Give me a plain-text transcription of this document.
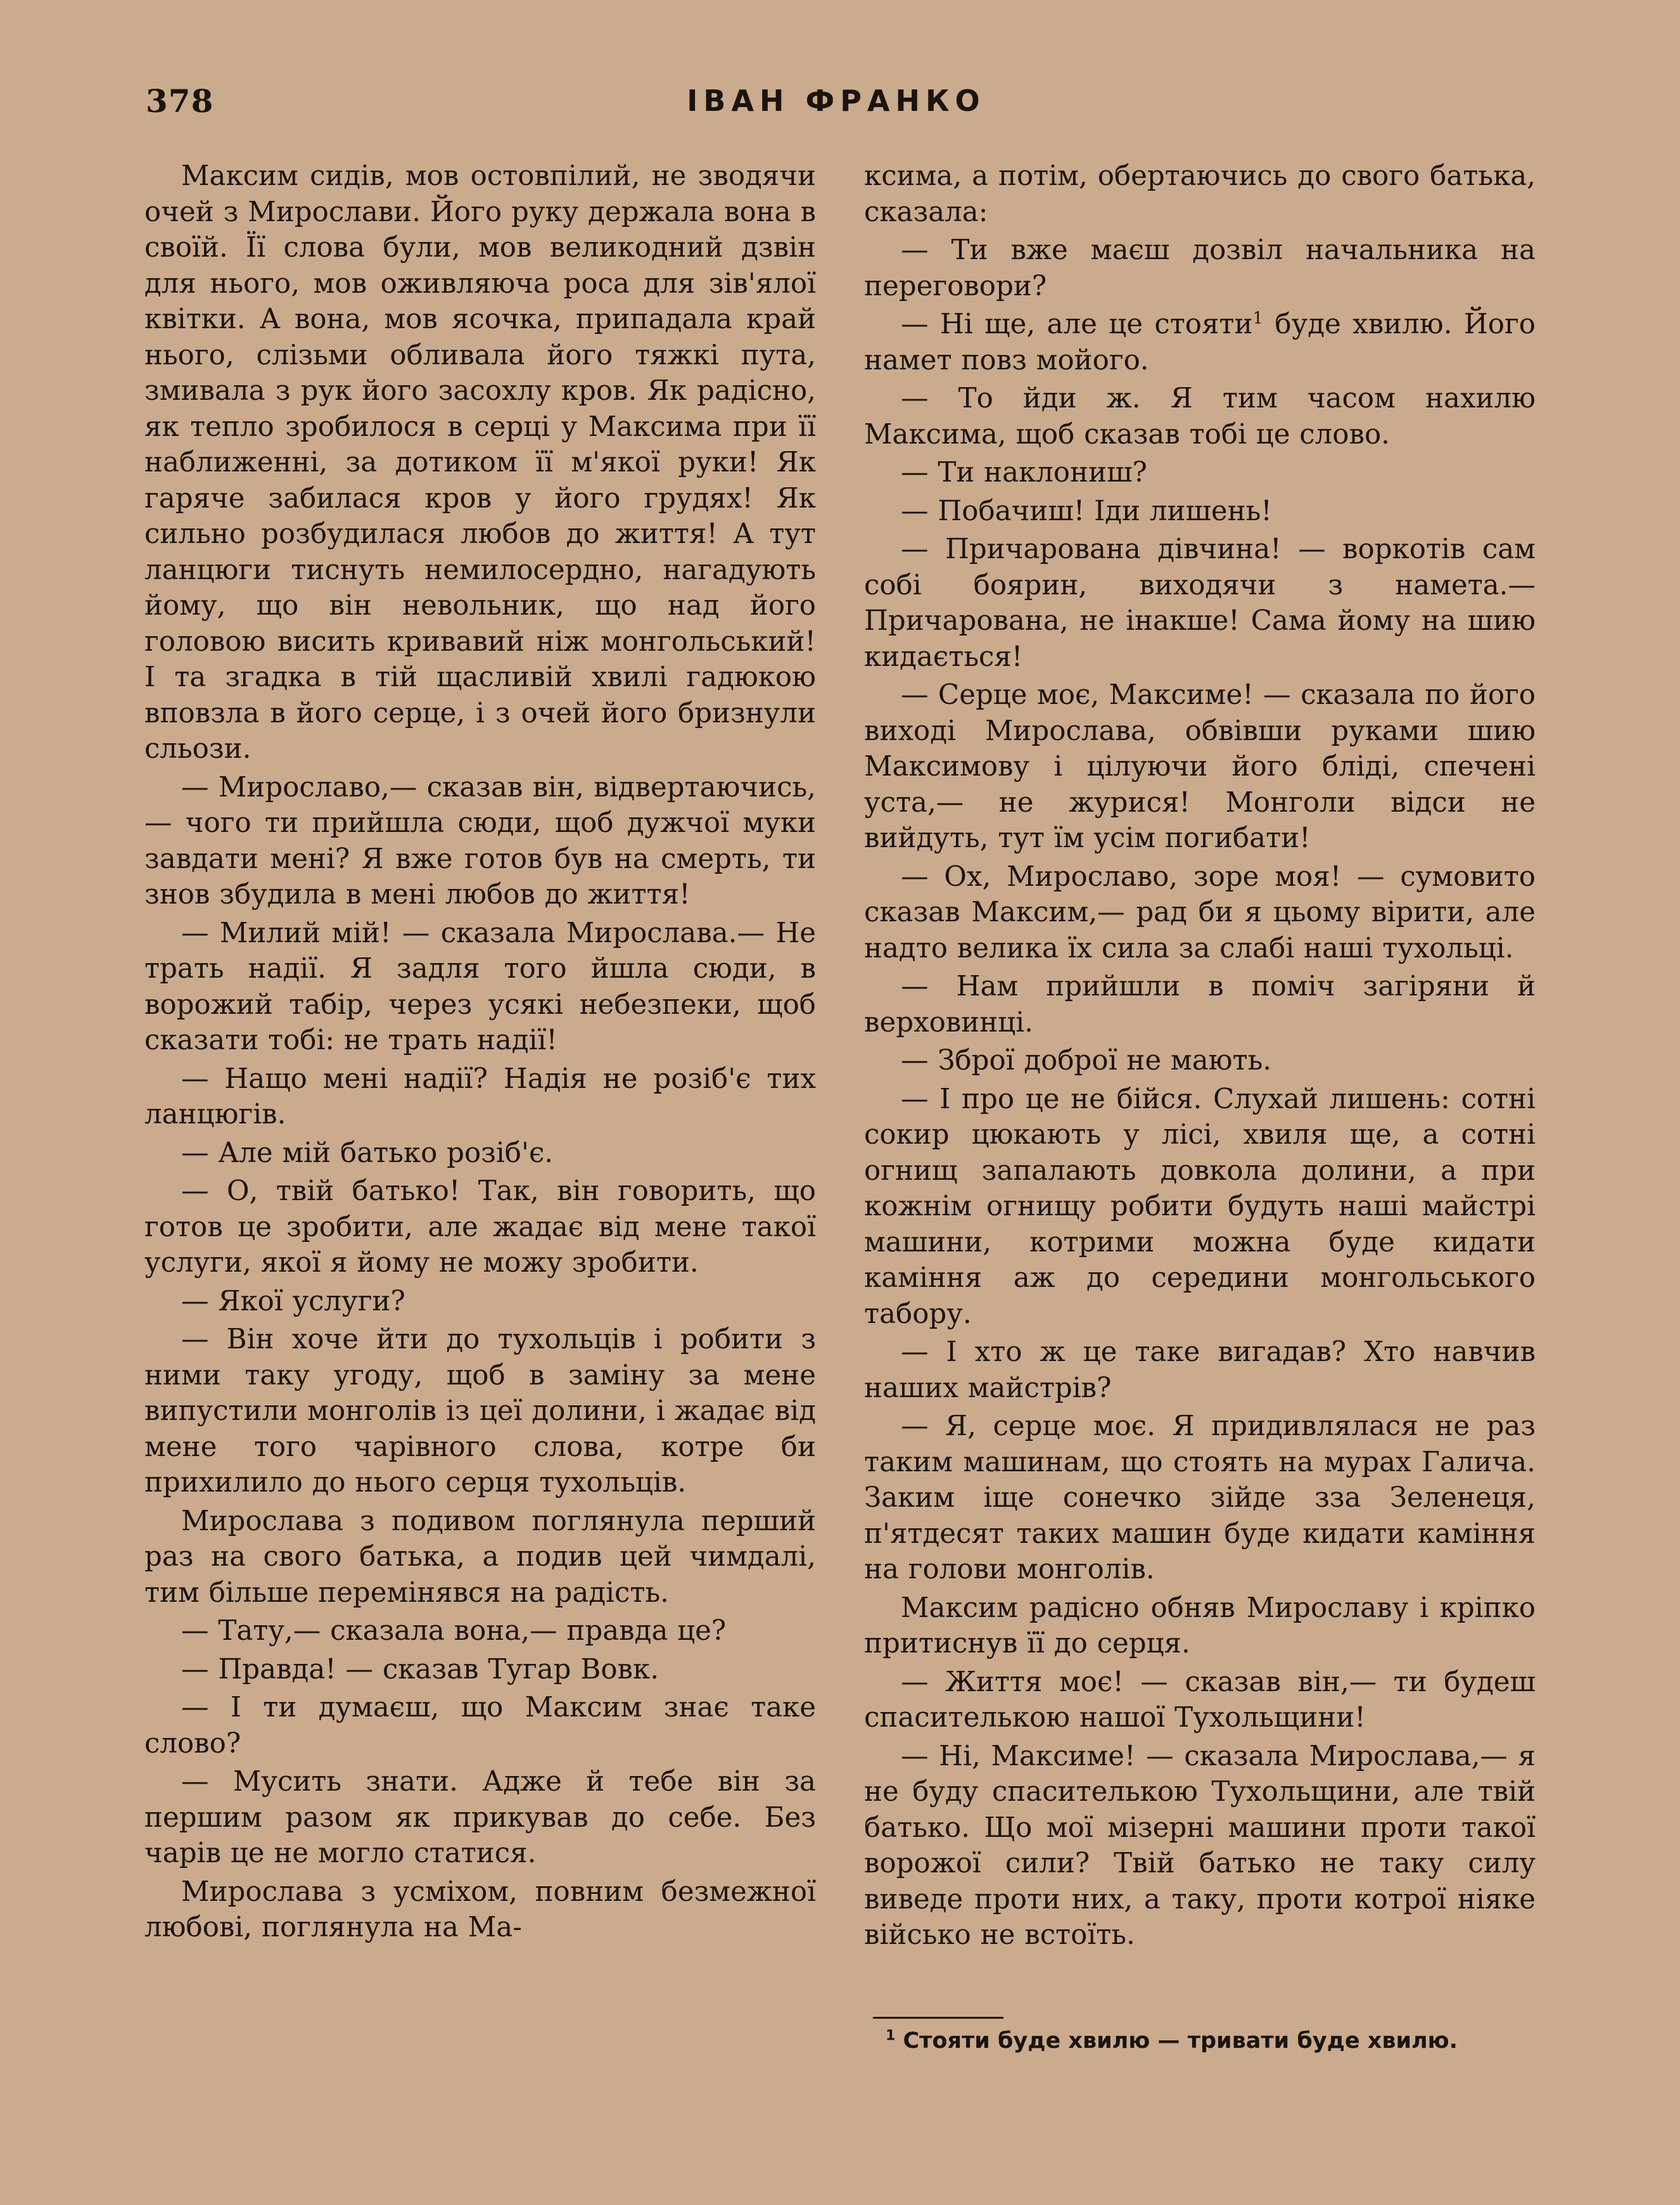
378	ІВАН ФРАНКО

Максим сидів, мов остовпілий, не зводячи очей з Мирослави. Його руку держала вона в своїй. Її слова були, мов великодний дзвін для нього, мов оживляюча роса для зів'ялої квітки. А вона, мов ясочка, припадала край нього, слізьми обливала його тяжкі пута, змивала з рук його засохлу кров. Як радісно, як тепло зробилося в серці у Максима при її наближенні, за дотиком її м'якої руки! Як гаряче забилася кров у його грудях! Як сильно розбудилася любов до життя! А тут ланцюги тиснуть немилосердно, нагадують йому, що він невольник, що над його головою висить кривавий ніж монгольський! І та згадка в тій щасливій хвилі гадюкою вповзла в його серце, і з очей його бризнули сльози.

— Мирославо,— сказав він, відвертаючись,— чого ти прийшла сюди, щоб дужчої муки завдати мені? Я вже готов був на смерть, ти знов збудила в мені любов до життя!

— Милий мій! — сказала Мирослава.— Не трать надії. Я задля того йшла сюди, в ворожий табір, через усякі небезпеки, щоб сказати тобі: не трать надії!

— Нащо мені надії? Надія не розіб'є тих ланцюгів.

— Але мій батько розіб'є.

— О, твій батько! Так, він говорить, що готов це зробити, але жадає від мене такої услуги, якої я йому не можу зробити.

— Якої услуги?

— Він хоче йти до тухольців і робити з ними таку угоду, щоб в заміну за мене випустили монголів із цеї долини, і жадає від мене того чарівного слова, котре би прихилило до нього серця тухольців.

Мирослава з подивом поглянула перший раз на свого батька, а подив цей чимдалі, тим більше перемінявся на радість.

— Тату,— сказала вона,— правда це?

— Правда! — сказав Тугар Вовк.

— І ти думаєш, що Максим знає таке слово?

— Мусить знати. Адже й тебе він за першим разом як прикував до себе. Без чарів це не могло статися.

Мирослава з усміхом, повним безмежної любові, поглянула на Ма-

ксима, а потім, обертаючись до свого батька, сказала:

— Ти вже маєш дозвіл начальника на переговори?

— Ні ще, але це стояти$^1$ буде хвилю. Його намет повз мойого.

— То йди ж. Я тим часом нахилю Максима, щоб сказав тобі це слово.

— Ти наклониш?

— Побачиш! Іди лишень!

— Причарована дівчина! — воркотів сам собі боярин, виходячи з намета.— Причарована, не інакше! Сама йому на шию кидається!

— Серце моє, Максиме! — сказала по його виході Мирослава, обвівши руками шию Максимову і цілуючи його бліді, спечені уста,— не журися! Монголи відси не вийдуть, тут їм усім погибати!

— Ох, Мирославо, зоре моя! — сумовито сказав Максим,— рад би я цьому вірити, але надто велика їх сила за слабі наші тухольці.

— Нам прийшли в поміч загіряни й верховинці.

— Зброї доброї не мають.

— І про це не бійся. Слухай лишень: сотні сокир цюкають у лісі, хвиля ще, а сотні огнищ запалають довкола долини, а при кожнім огнищу робити будуть наші майстрі машини, котрими можна буде кидати каміння аж до середини монгольського табору.

— І хто ж це таке вигадав? Хто навчив наших майстрів?

— Я, серце моє. Я придивлялася не раз таким машинам, що стоять на мурах Галича. Заким іще сонечко зійде зза Зеленеця, п'ятдесят таких машин буде кидати каміння на голови монголів.

Максим радісно обняв Мирославу і кріпко притиснув її до серця.

— Життя моє! — сказав він,— ти будеш спасителькою нашої Тухольщини!

— Ні, Максиме! — сказала Мирослава,— я не буду спасителькою Тухольщини, але твій батько. Що мої мізерні машини проти такої ворожої сили? Твій батько не таку силу виведе проти них, а таку, проти котрої ніяке військо не встоїть.

$^1$ Стояти буде хвилю — тривати буде хвилю.
